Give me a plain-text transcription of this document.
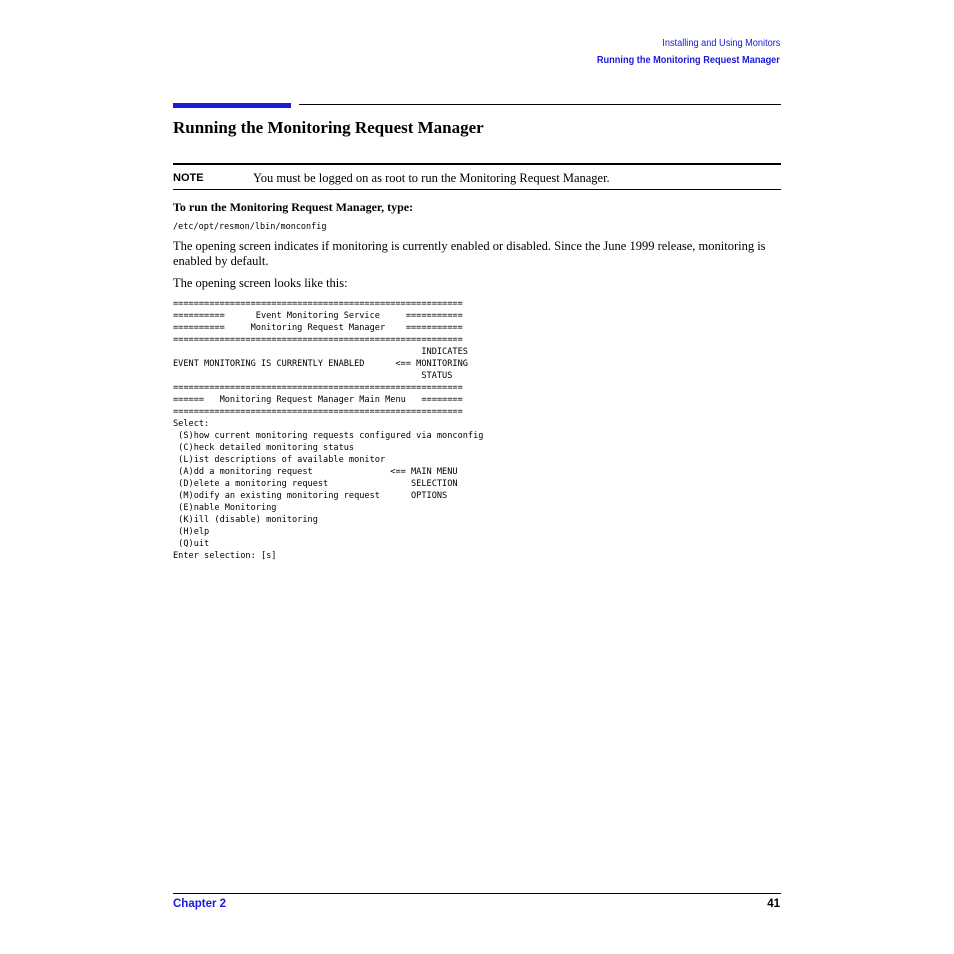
Installing and Using Monitors
Running the Monitoring Request Manager
Running the Monitoring Request Manager
NOTE	You must be logged on as root to run the Monitoring Request Manager.
To run the Monitoring Request Manager, type:
/etc/opt/resmon/lbin/monconfig

The opening screen indicates if monitoring is currently enabled or disabled. Since the June 1999 release, monitoring is enabled by default.

The opening screen looks like this:

========================================================
==========      Event Monitoring Service     ===========
==========     Monitoring Request Manager    ===========
========================================================
INDICATES
EVENT MONITORING IS CURRENTLY ENABLED      <== MONITORING
STATUS
========================================================
======   Monitoring Request Manager Main Menu   ========
========================================================
Select:
(S)how current monitoring requests configured via monconfig
(C)heck detailed monitoring status
(L)ist descriptions of available monitor
(A)dd a monitoring request               <== MAIN MENU
(D)elete a monitoring request                SELECTION
(M)odify an existing monitoring request      OPTIONS
(E)nable Monitoring
(K)ill (disable) monitoring
(H)elp
(Q)uit
Enter selection: [s]
Chapter 2	41
